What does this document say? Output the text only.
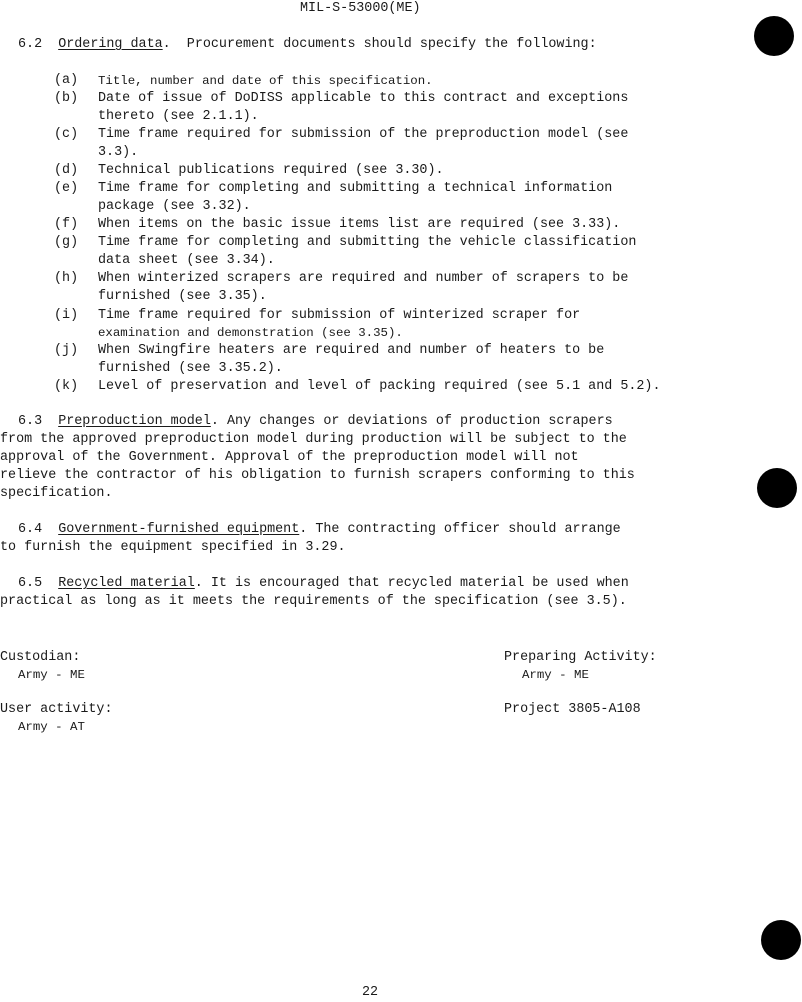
MIL-S-53000(ME)
6.2 Ordering data. Procurement documents should specify the following:
(a)	Title, number and date of this specification.
(b)	Date of issue of DoDISS applicable to this contract and exceptions
thereto (see 2.1.1).
(c)	Time frame required for submission of the preproduction model (see
3.3).
(d)	Technical publications required (see 3.30).
(e)	Time frame for completing and submitting a technical information
package (see 3.32).
(f)	When items on the basic issue items list are required (see 3.33).
(g)	Time frame for completing and submitting the vehicle classification
data sheet (see 3.34).
(h)	When winterized scrapers are required and number of scrapers to be
furnished (see 3.35).
(i)	Time frame required for submission of winterized scraper for
examination and demonstration (see 3.35).
(j)	When Swingfire heaters are required and number of heaters to be
furnished (see 3.35.2).
(k)	Level of preservation and level of packing required (see 5.1 and 5.2).
6.3 Preproduction model. Any changes or deviations of production scrapers
from the approved preproduction model during production will be subject to the
approval of the Government. Approval of the preproduction model will not
relieve the contractor of his obligation to furnish scrapers conforming to this
specification.
6.4 Government-furnished equipment. The contracting officer should arrange
to furnish the equipment specified in 3.29.
6.5 Recycled material. It is encouraged that recycled material be used when
practical as long as it meets the requirements of the specification (see 3.5).
Custodian:
Army - ME
Preparing Activity:
Army - ME
User activity:
Army - AT
Project 3805-A108
22
